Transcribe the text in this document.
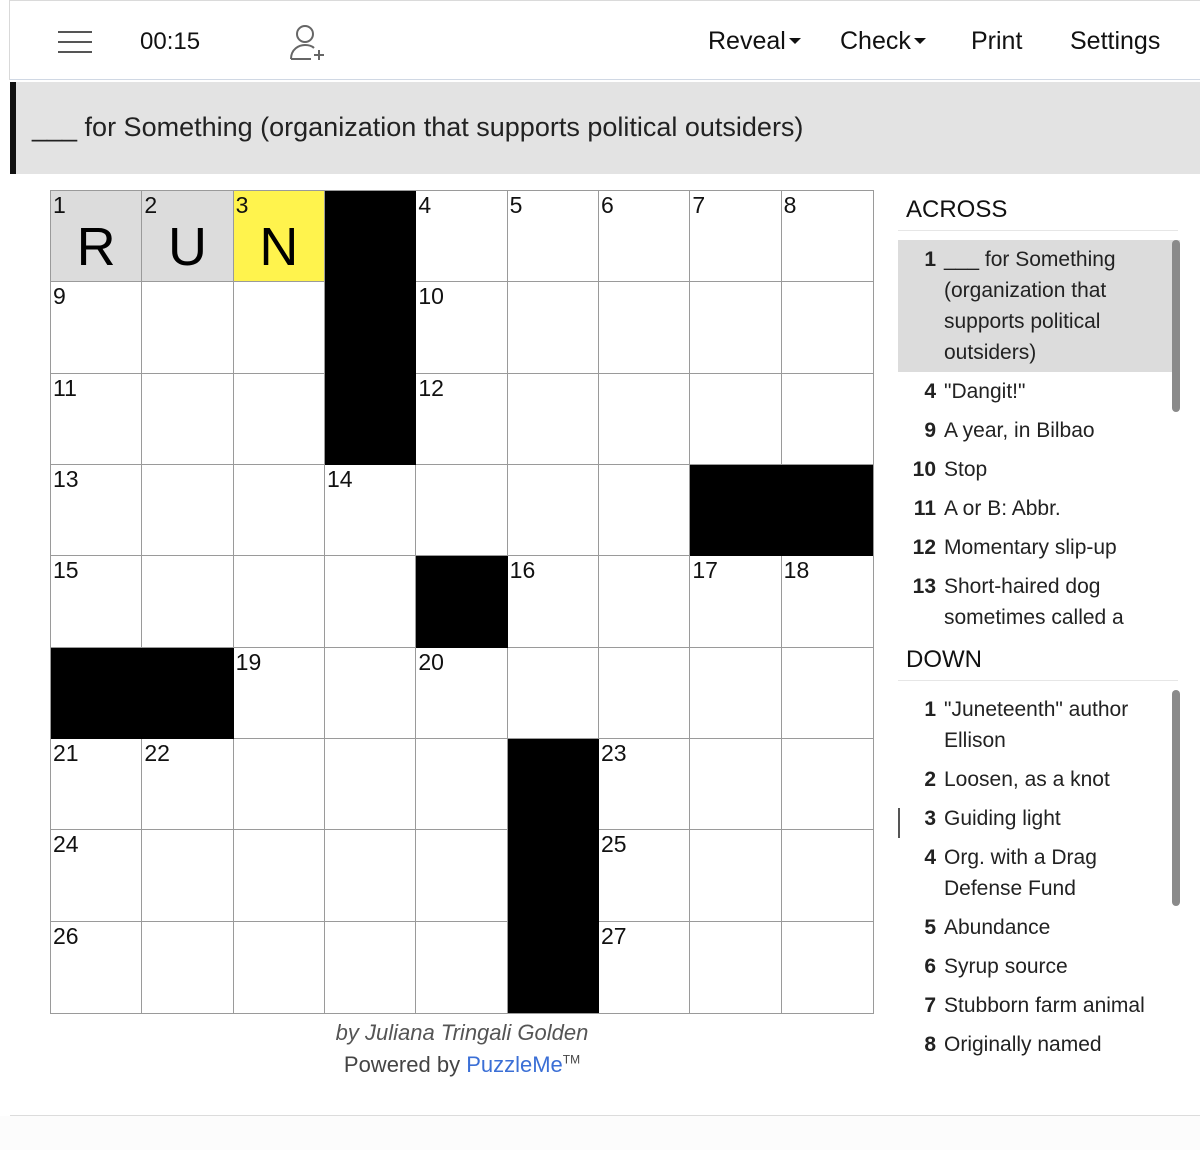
00:15	Reveal	Check	Print Settings
___ for Something (organization that supports political outsiders)
1
R
2
U
3
N
4	5	6	7	8
9	10
11	12
13	14
15	16	17	18
19	20
21	22	23
24	25
26	27
by Juliana Tringali Golden
Powered by PuzzleMe™
ACROSS
1 ___ for Something (organization that supports political outsiders)
4 "Dangit!"
9 A year, in Bilbao
10 Stop
11 A or B: Abbr.
12 Momentary slip-up
13 Short-haired dog sometimes called a
DOWN
1 "Juneteenth" author Ellison
2 Loosen, as a knot
3 Guiding light
4 Org. with a Drag Defense Fund
5 Abundance
6 Syrup source
7 Stubborn farm animal
8 Originally named
